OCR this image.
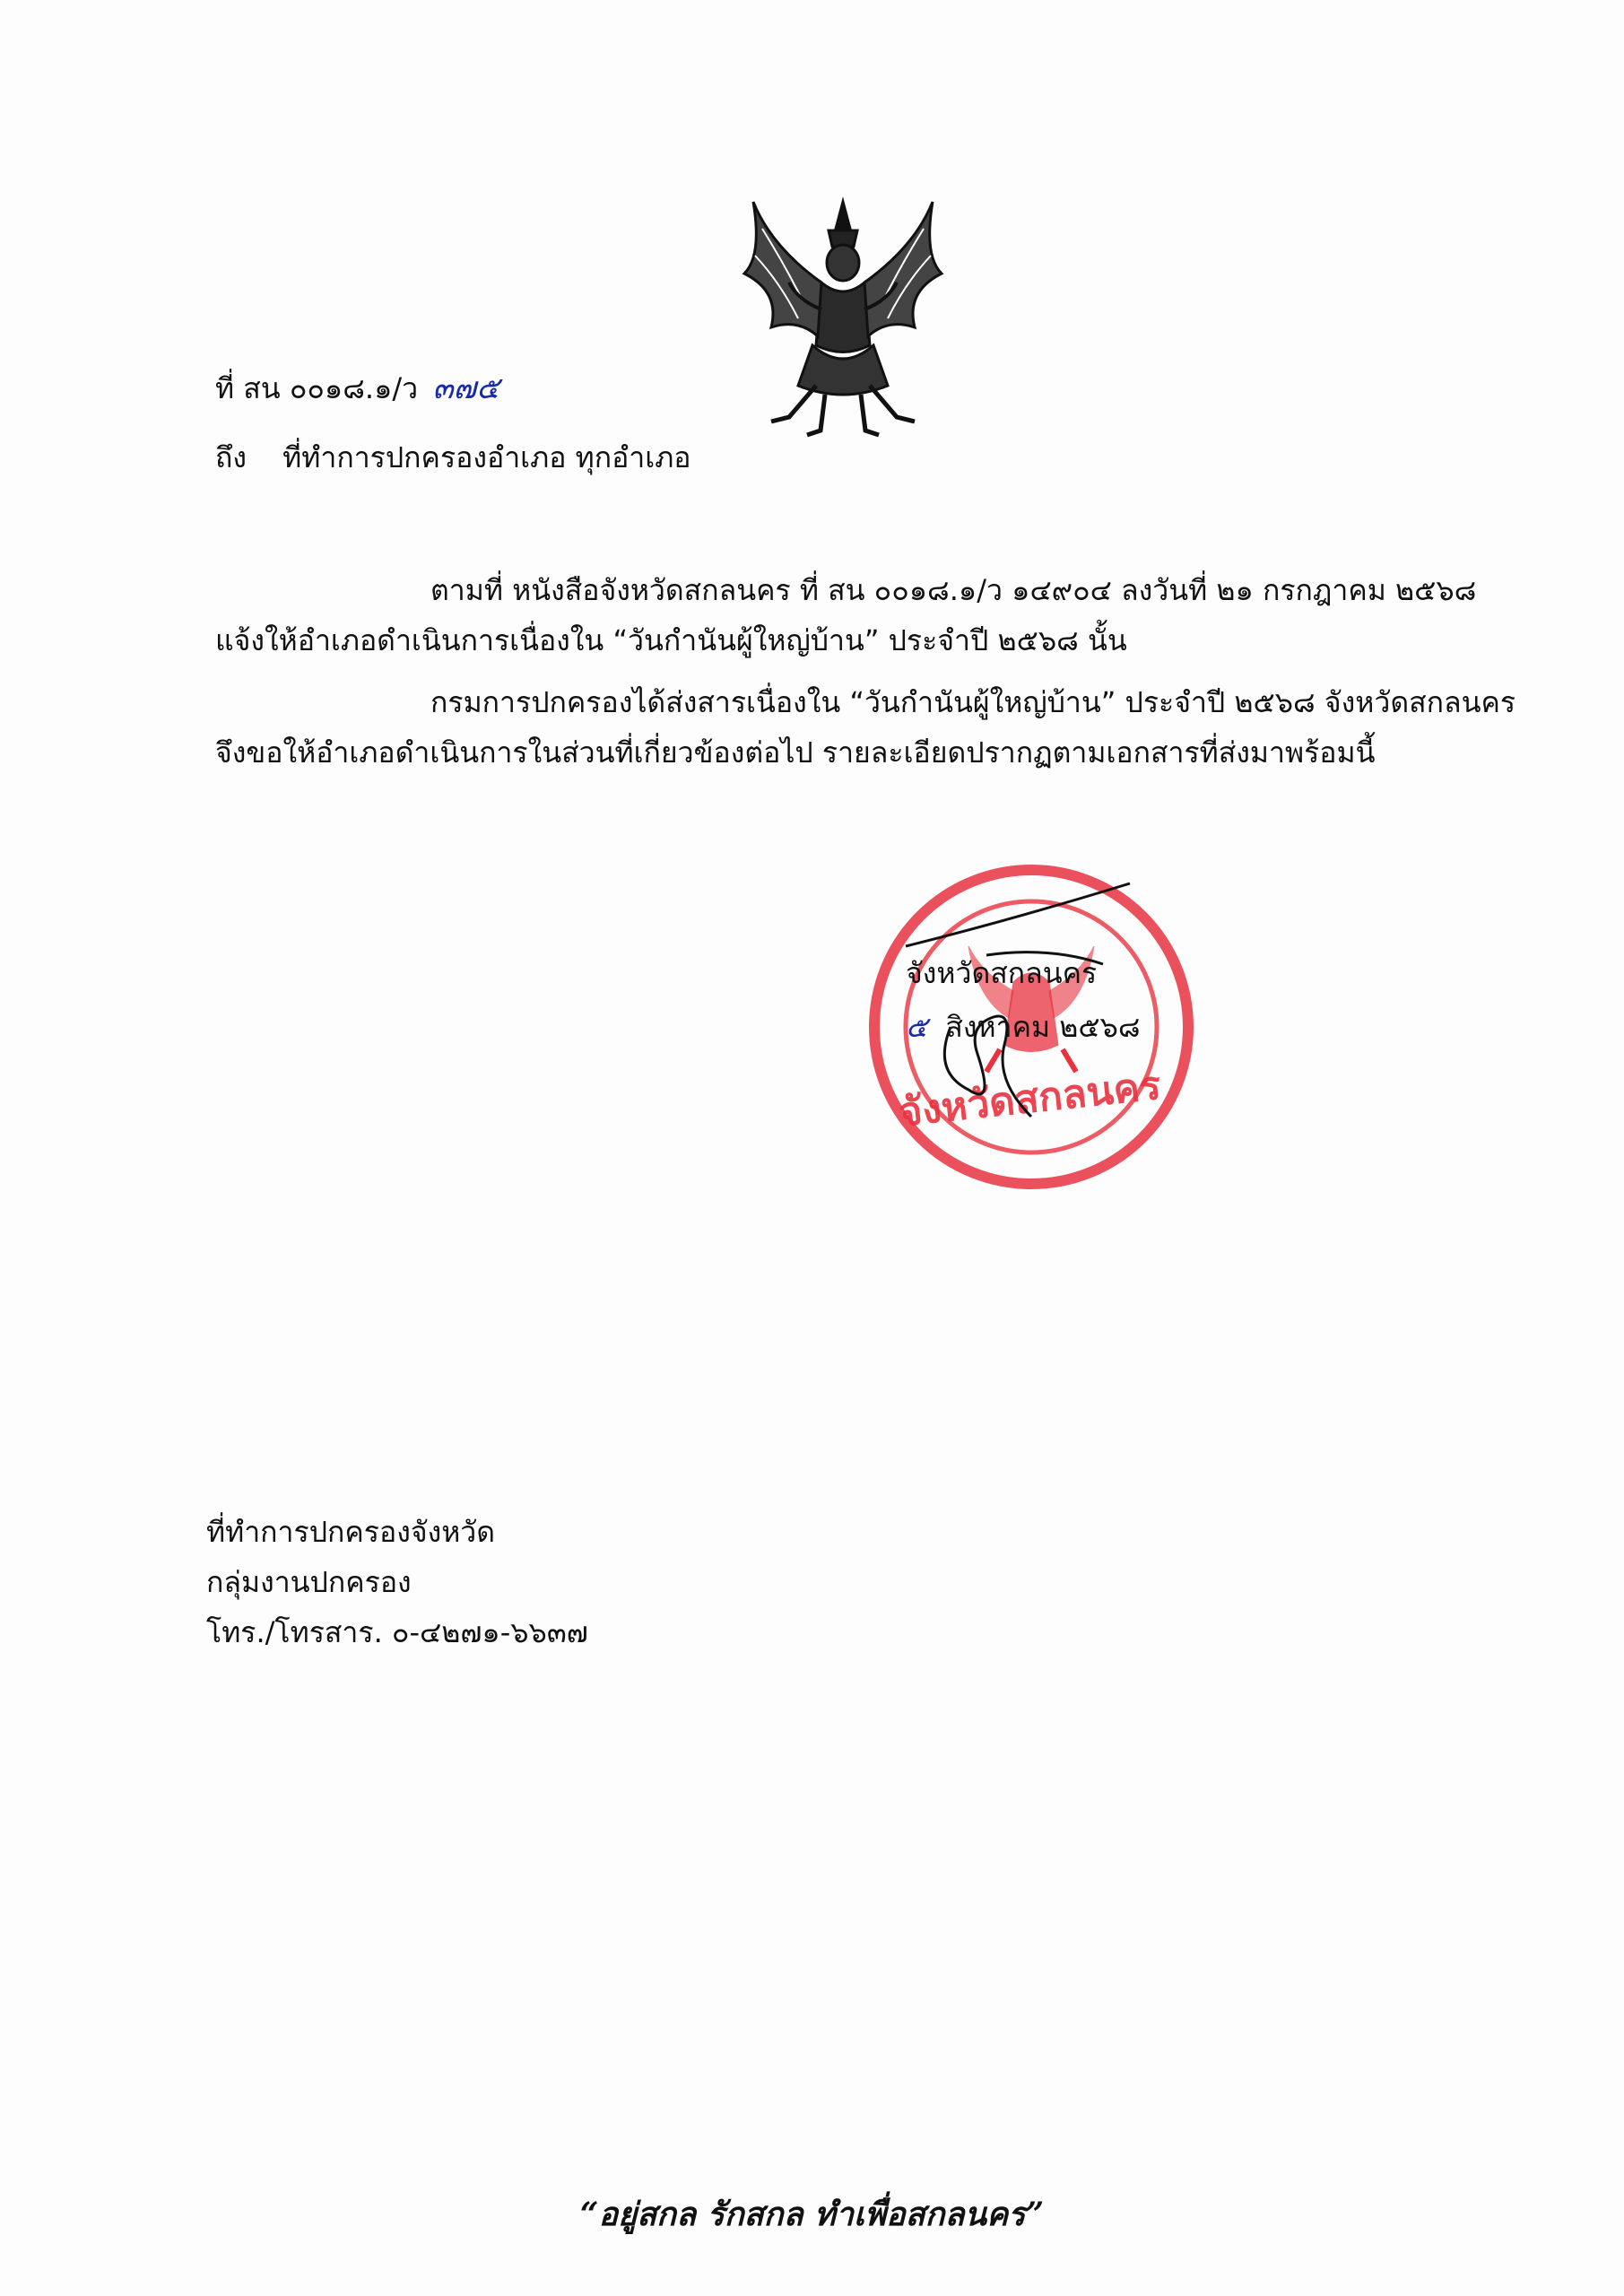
ที่ สน ๐๐๑๘.๑/ว ๓๗๕
ถึง ที่ทำการปกครองอำเภอ ทุกอำเภอ
ตามที่ หนังสือจังหวัดสกลนคร ที่ สน ๐๐๑๘.๑/ว ๑๔๙๐๔ ลงวันที่ ๒๑ กรกฎาคม ๒๕๖๘
แจ้งให้อำเภอดำเนินการเนื่องใน “วันกำนันผู้ใหญ่บ้าน” ประจำปี ๒๕๖๘ นั้น
กรมการปกครองได้ส่งสารเนื่องใน “วันกำนันผู้ใหญ่บ้าน” ประจำปี ๒๕๖๘ จังหวัดสกลนคร
จึงขอให้อำเภอดำเนินการในส่วนที่เกี่ยวข้องต่อไป รายละเอียดปรากฏตามเอกสารที่ส่งมาพร้อมนี้
จังหวัดสกลนคร
จังหวัดสกลนคร
๕ สิงหาคม ๒๕๖๘
ที่ทำการปกครองจังหวัด
กลุ่มงานปกครอง
โทร./โทรสาร. ๐-๔๒๗๑-๖๖๓๗
“อยู่สกล รักสกล ทำเพื่อสกลนคร”
